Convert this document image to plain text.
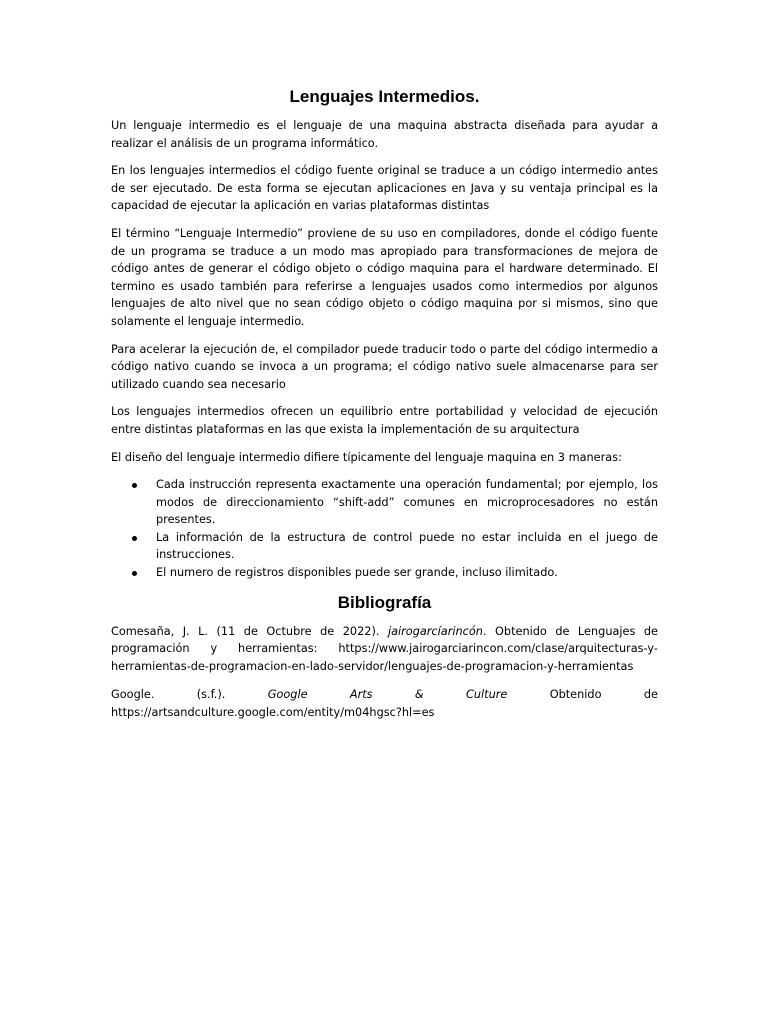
Lenguajes Intermedios.

Un lenguaje intermedio es el lenguaje de una maquina abstracta diseñada para ayudar a realizar el análisis de un programa informático.

En los lenguajes intermedios el código fuente original se traduce a un código intermedio antes de ser ejecutado. De esta forma se ejecutan aplicaciones en Java y su ventaja principal es la capacidad de ejecutar la aplicación en varias plataformas distintas

El término “Lenguaje Intermedio” proviene de su uso en compiladores, donde el código fuente de un programa se traduce a un modo mas apropiado para transformaciones de mejora de código antes de generar el código objeto o código maquina para el hardware determinado. El termino es usado también para referirse a lenguajes usados como intermedios por algunos lenguajes de alto nivel que no sean código objeto o código maquina por si mismos, sino que solamente el lenguaje intermedio.

Para acelerar la ejecución de, el compilador puede traducir todo o parte del código intermedio a código nativo cuando se invoca a un programa; el código nativo suele almacenarse para ser utilizado cuando sea necesario

Los lenguajes intermedios ofrecen un equilibrio entre portabilidad y velocidad de ejecución entre distintas plataformas en las que exista la implementación de su arquitectura

El diseño del lenguaje intermedio difiere típicamente del lenguaje maquina en 3 maneras:

Cada instrucción representa exactamente una operación fundamental; por ejemplo, los modos de direccionamiento “shift-add” comunes en microprocesadores no están presentes.
La información de la estructura de control puede no estar incluida en el juego de instrucciones.
El numero de registros disponibles puede ser grande, incluso ilimitado.
Bibliografía

Comesaña, J. L. (11 de Octubre de 2022). jairogarcíarincón. Obtenido de Lenguajes de programación y herramientas: https://www.jairogarciarincon.com/clase/arquitecturas-y-herramientas-de-programacion-en-lado-servidor/lenguajes-de-programacion-y-herramientas

Google.	(s.f.).	Google	Arts	&	Culture	Obtenido	de
https://artsandculture.google.com/entity/m04hgsc?hl=es
